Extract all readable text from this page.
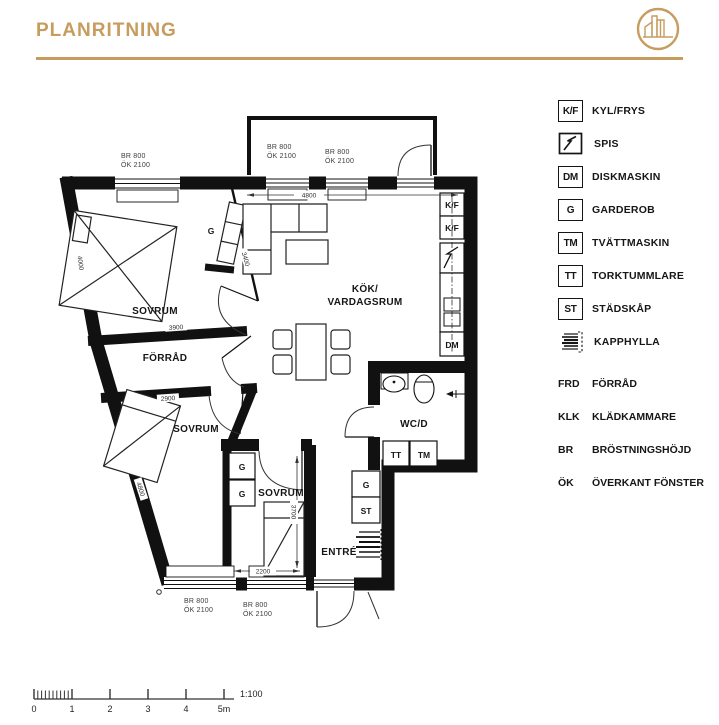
PLANRITNING
K/F	KYL/FRYS
SPIS
DM	DISKMASKIN
G	GARDEROB
TM	TVÄTTMASKIN
TT	TORKTUMMLARE
ST	STÄDSKÅP
KAPPHYLLA
FRD	FÖRRÅD
KLK	KLÄDKAMMARE
BR	BRÖSTNINGSHÖJD
ÖK	ÖVERKANT FÖNSTER
K/F
K/F
DM
TT TM
G
ST
G
G
4800
3400
4000
3900
2900
4800
2200
3700
BR 800
ÖK 2100
BR 800
ÖK 2100
BR 800
ÖK 2100
BR 800
ÖK 2100
BR 800
ÖK 2100
SOVRUM
FÖRRÅD
SOVRUM
SOVRUM
KÖK/
VARDAGSRUM
WC/D
ENTRÉ
G
0	1	2	3	4	5m
1:100
